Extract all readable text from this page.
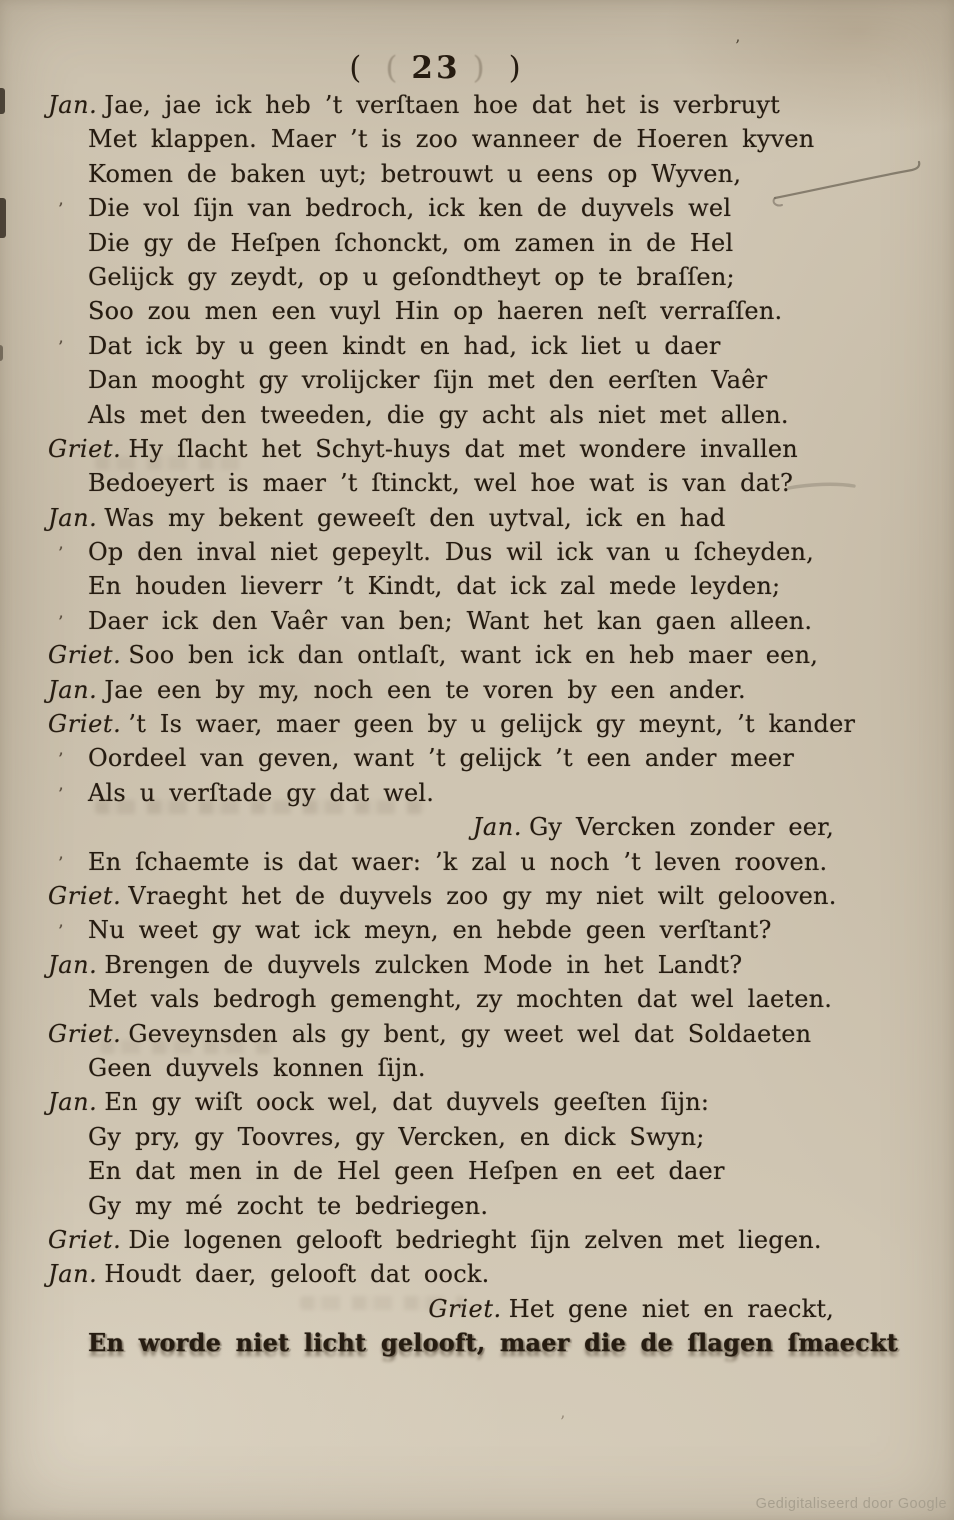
( ( 23 ) )
Jan. Jae, jae ick heb ’t verſtaen hoe dat het is verbruyt
Met klappen. Maer ’t is zoo wanneer de Hoeren kyven
Komen de baken uyt; betrouwt u eens op Wyven,
’ Die vol ſijn van bedroch, ick ken de duyvels wel
Die gy de Heſpen ſchonckt, om zamen in de Hel
Gelijck gy zeydt, op u geſondtheyt op te braſſen;
Soo zou men een vuyl Hin op haeren neſt verraſſen.
’ Dat ick by u geen kindt en had, ick liet u daer
Dan mooght gy vrolijcker ſijn met den eerſten Vaêr
Als met den tweeden, die gy acht als niet met allen.
Griet. Hy ſlacht het Schyt-huys dat met wondere invallen
Bedoeyert is maer ’t ſtinckt, wel hoe wat is van dat?
Jan. Was my bekent geweeſt den uytval, ick en had
’ Op den inval niet gepeylt. Dus wil ick van u ſcheyden,
En houden lieverr ’t Kindt, dat ick zal mede leyden;
’ Daer ick den Vaêr van ben; Want het kan gaen alleen.
Griet. Soo ben ick dan ontlaſt, want ick en heb maer een,
Jan. Jae een by my, noch een te voren by een ander.
Griet. ’t Is waer, maer geen by u gelijck gy meynt, ’t kander
’ Oordeel van geven, want ’t gelijck ’t een ander meer
’ Als u verſtade gy dat wel.
Jan. Gy Vercken zonder eer,
’ En ſchaemte is dat waer: ’k zal u noch ’t leven rooven.
Griet. Vraeght het de duyvels zoo gy my niet wilt gelooven.
’ Nu weet gy wat ick meyn, en hebde geen verſtant?
Jan. Brengen de duyvels zulcken Mode in het Landt?
Met vals bedrogh gemenght, zy mochten dat wel laeten.
Griet. Geveynsden als gy bent, gy weet wel dat Soldaeten
Geen duyvels konnen ſijn.
Jan. En gy wiſt oock wel, dat duyvels geeſten ſijn:
Gy pry, gy Toovres, gy Vercken, en dick Swyn;
En dat men in de Hel geen Heſpen en eet daer
Gy my mé zocht te bedriegen.
Griet. Die logenen gelooft bedrieght ſijn zelven met liegen.
Jan. Houdt daer, gelooft dat oock.
Griet. Het gene niet en raeckt,
En worde niet licht gelooft, maer die de ſlagen ſmaeckt
’
’
Gedigitaliseerd door Google
